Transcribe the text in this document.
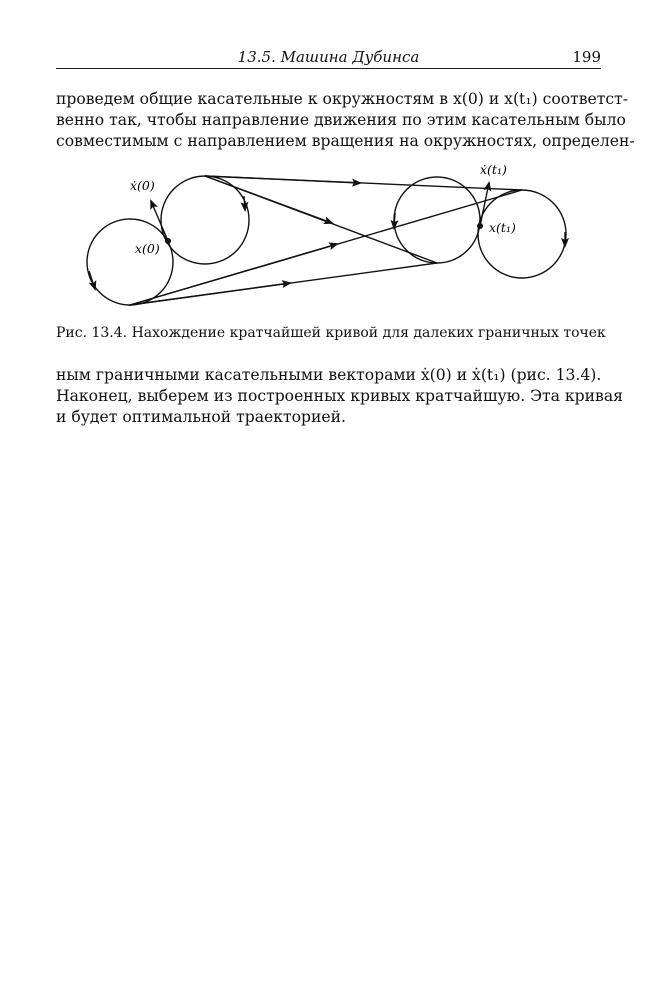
13.5. Машина Дубинса	199

проведем общие касательные к окружностям в x(0) и x(t₁) соответст-
венно так, чтобы направление движения по этим касательным было
совместимым с направлением вращения на окружностях, определен-

ẋ(0)
x(0)
ẋ(t₁)
x(t₁)
Рис. 13.4. Нахождение кратчайшей кривой для далеких граничных точек

ным граничными касательными векторами ẋ(0) и ẋ(t₁) (рис. 13.4).
Наконец, выберем из построенных кривых кратчайшую. Эта кривая
и будет оптимальной траекторией.
